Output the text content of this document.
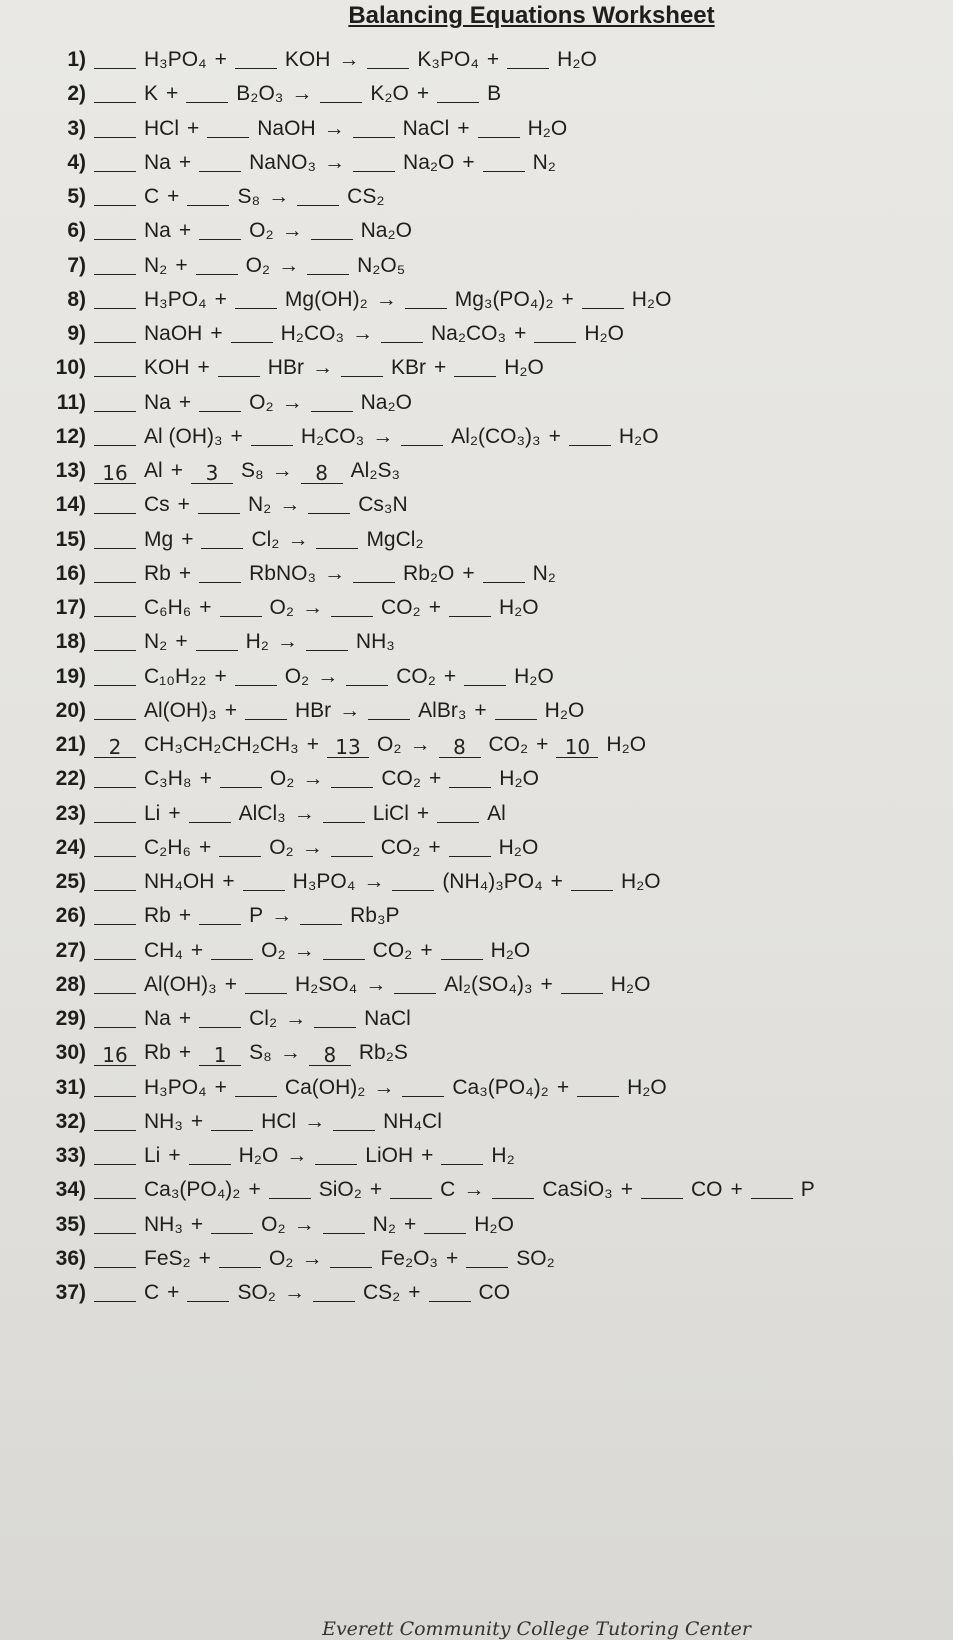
Balancing Equations Worksheet
1)	H₃PO₄ +	KOH →	K₃PO₄ +	H₂O
2)	K +	B₂O₃ →	K₂O +	B
3)	HCl +	NaOH →	NaCl +	H₂O
4)	Na +	NaNO₃ →	Na₂O +	N₂
5)	C +	S₈ →	CS₂
6)	Na +	O₂ →	Na₂O
7)	N₂ +	O₂ →	N₂O₅
8)	H₃PO₄ +	Mg(OH)₂ →	Mg₃(PO₄)₂ +	H₂O
9)	NaOH +	H₂CO₃ →	Na₂CO₃ +	H₂O
10)	KOH +	HBr →	KBr +	H₂O
11)	Na +	O₂ →	Na₂O
12)	Al (OH)₃ +	H₂CO₃ →	Al₂(CO₃)₃ +	H₂O
13) 16 Al + 3 S₈ → 8 Al₂S₃
14)	Cs +	N₂ →	Cs₃N
15)	Mg +	Cl₂ →	MgCl₂
16)	Rb +	RbNO₃ →	Rb₂O +	N₂
17)	C₆H₆ +	O₂ →	CO₂ +	H₂O
18)	N₂ +	H₂ →	NH₃
19)	C₁₀H₂₂ +	O₂ →	CO₂ +	H₂O
20)	Al(OH)₃ +	HBr →	AlBr₃ +	H₂O
21)	2 CH₃CH₂CH₂CH₃ + 13 O₂ → 8 CO₂ + 10 H₂O
22)	C₃H₈ +	O₂ →	CO₂ +	H₂O
23)	Li +	AlCl₃ →	LiCl +	Al
24)	C₂H₆ +	O₂ →	CO₂ +	H₂O
25)	NH₄OH +	H₃PO₄ →	(NH₄)₃PO₄ +	H₂O
26)	Rb +	P →	Rb₃P
27)	CH₄ +	O₂ →	CO₂ +	H₂O
28)	Al(OH)₃ +	H₂SO₄ →	Al₂(SO₄)₃ +	H₂O
29)	Na +	Cl₂ →	NaCl
30) 16 Rb + 1 S₈ → 8 Rb₂S
31)	H₃PO₄ +	Ca(OH)₂ →	Ca₃(PO₄)₂ +	H₂O
32)	NH₃ +	HCl →	NH₄Cl
33)	Li +	H₂O →	LiOH +	H₂
34)	Ca₃(PO₄)₂ +	SiO₂ +	C →	CaSiO₃ +	CO +	P
35)	NH₃ +	O₂ →	N₂ +	H₂O
36)	FeS₂ +	O₂ →	Fe₂O₃ +	SO₂
37)	C +	SO₂ →	CS₂ +	CO
Everett Community College Tutoring Center
